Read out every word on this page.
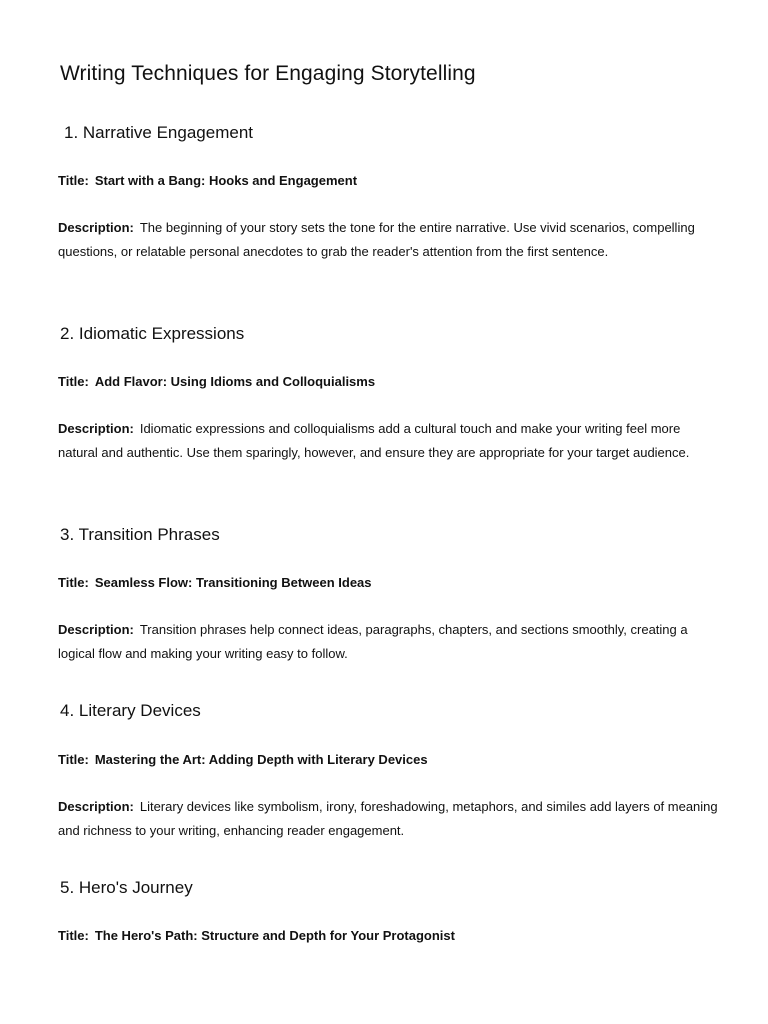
Writing Techniques for Engaging Storytelling
1. Narrative Engagement

Title: Start with a Bang: Hooks and Engagement

Description: The beginning of your story sets the tone for the entire narrative. Use vivid scenarios, compelling questions, or relatable personal anecdotes to grab the reader's attention from the first sentence.

2. Idiomatic Expressions

Title: Add Flavor: Using Idioms and Colloquialisms

Description: Idiomatic expressions and colloquialisms add a cultural touch and make your writing feel more natural and authentic. Use them sparingly, however, and ensure they are appropriate for your target audience.

3. Transition Phrases

Title: Seamless Flow: Transitioning Between Ideas

Description: Transition phrases help connect ideas, paragraphs, chapters, and sections smoothly, creating a logical flow and making your writing easy to follow.

4. Literary Devices

Title: Mastering the Art: Adding Depth with Literary Devices

Description: Literary devices like symbolism, irony, foreshadowing, metaphors, and similes add layers of meaning and richness to your writing, enhancing reader engagement.

5. Hero's Journey

Title: The Hero's Path: Structure and Depth for Your Protagonist
